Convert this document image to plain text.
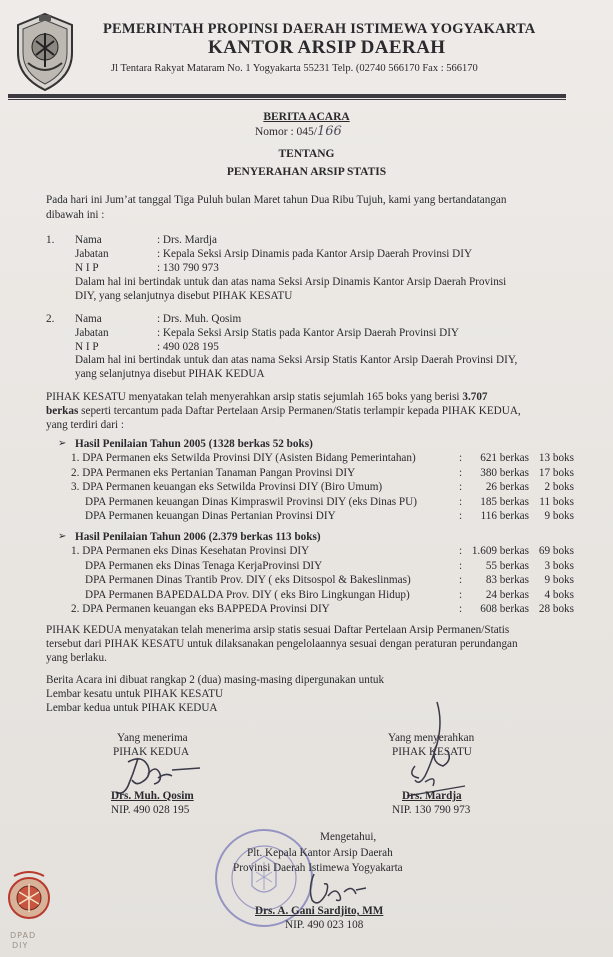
PEMERINTAH PROPINSI DAERAH ISTIMEWA YOGYAKARTA
KANTOR ARSIP DAERAH
Jl Tentara Rakyat Mataram No. 1 Yogyakarta 55231 Telp. (02740 566170 Fax : 566170
BERITA ACARA
Nomor : 045/166
TENTANG
PENYERAHAN ARSIP STATIS
Pada hari ini Jum’at tanggal Tiga Puluh bulan Maret tahun Dua Ribu Tujuh, kami yang bertandatangan
dibawah ini :
1. Nama	: Drs. Mardja
Jabatan	: Kepala Seksi Arsip Dinamis pada Kantor Arsip Daerah Provinsi DIY
N I P	: 130 790 973
Dalam hal ini bertindak untuk dan atas nama Seksi Arsip Dinamis Kantor Arsip Daerah Provinsi
DIY, yang selanjutnya disebut PIHAK KESATU
2. Nama	: Drs. Muh. Qosim
Jabatan	: Kepala Seksi Arsip Statis pada Kantor Arsip Daerah Provinsi DIY
N I P	: 490 028 195
Dalam hal ini bertindak untuk dan atas nama Seksi Arsip Statis Kantor Arsip Daerah Provinsi DIY,
yang selanjutnya disebut PIHAK KEDUA
PIHAK KESATU menyatakan telah menyerahkan arsip statis sejumlah 165 boks yang berisi 3.707
berkas seperti tercantum pada Daftar Pertelaan Arsip Permanen/Statis terlampir kepada PIHAK KEDUA,
yang terdiri dari :
➢ Hasil Penilaian Tahun 2005 (1328 berkas 52 boks)
1. DPA Permanen eks Setwilda Provinsi DIY (Asisten Bidang Pemerintahan)	:	621 berkas 13 boks
2. DPA Permanen eks Pertanian Tanaman Pangan Provinsi DIY	:	380 berkas 17 boks
3. DPA Permanen keuangan eks Setwilda Provinsi DIY (Biro Umum)	:	26 berkas	2 boks
DPA Permanen keuangan Dinas Kimpraswil Provinsi DIY (eks Dinas PU)	:	185 berkas 11 boks
DPA Permanen keuangan Dinas Pertanian Provinsi DIY	:	116 berkas	9 boks
➢ Hasil Penilaian Tahun 2006 (2.379 berkas 113 boks)
1. DPA Permanen eks Dinas Kesehatan Provinsi DIY	: 1.609 berkas 69 boks
DPA Permanen eks Dinas Tenaga KerjaProvinsi DIY	:	55 berkas	3 boks
DPA Permanen Dinas Trantib Prov. DIY ( eks Ditsospol & Bakeslinmas)	:	83 berkas	9 boks
DPA Permanen BAPEDALDA Prov. DIY ( eks Biro Lingkungan Hidup)	:	24 berkas	4 boks
2. DPA Permanen keuangan eks BAPPEDA Provinsi DIY	:	608 berkas 28 boks
PIHAK KEDUA menyatakan telah menerima arsip statis sesuai Daftar Pertelaan Arsip Permanen/Statis
tersebut dari PIHAK KESATU untuk dilaksanakan pengelolaannya sesuai dengan peraturan perundangan
yang berlaku.
Berita Acara ini dibuat rangkap 2 (dua) masing-masing dipergunakan untuk
Lembar kesatu untuk PIHAK KESATU
Lembar kedua untuk PIHAK KEDUA
Yang menerima
PIHAK KEDUA
Drs. Muh. Qosim
NIP. 490 028 195
Yang menyerahkan
PIHAK KESATU
Drs. Mardja
NIP. 130 790 973
Mengetahui,
Plt. Kepala Kantor Arsip Daerah
Provinsi Daerah Istimewa Yogyakarta
Drs. A. Gani Sardjito, MM
NIP. 490 023 108
DPAD
DIY
